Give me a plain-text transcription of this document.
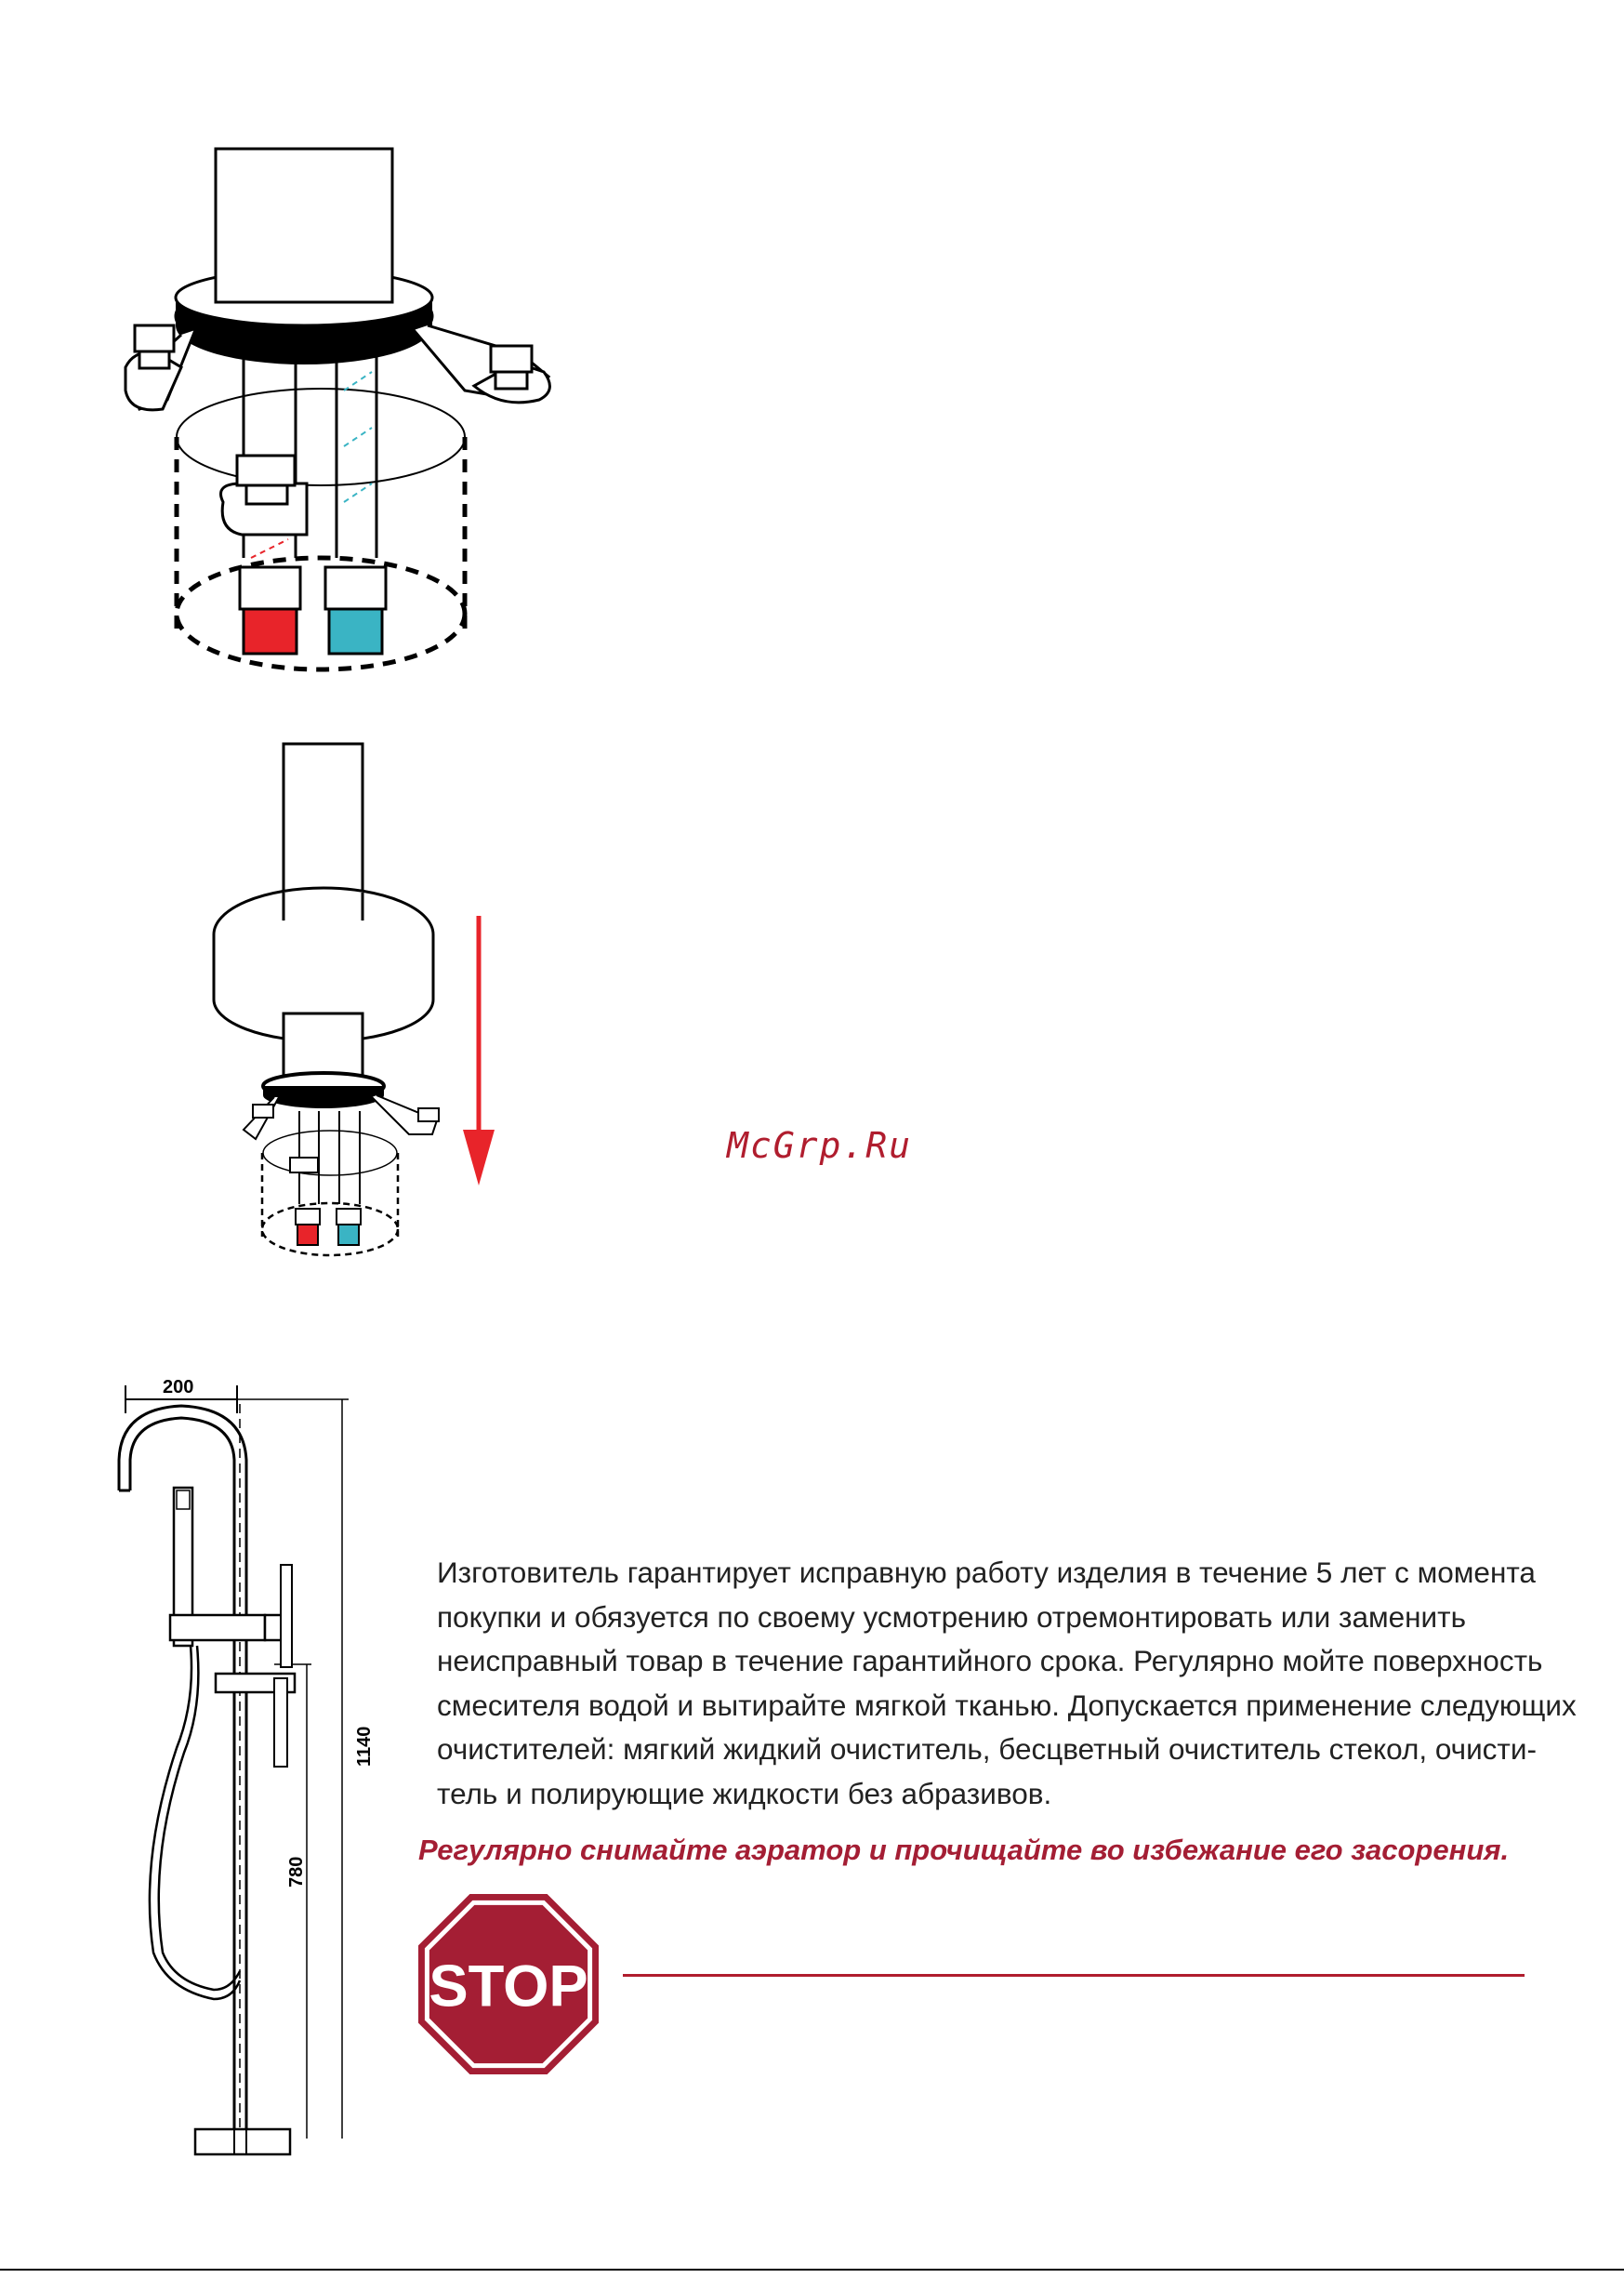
McGrp.Ru
200
1140
780

Изготовитель гарантирует исправную работу изделия в течение 5 лет с момента

покупки и обязуется по своему усмотрению отремонтировать или заменить

неисправный товар в течение гарантийного срока. Регулярно мойте поверхность

смесителя водой и вытирайте мягкой тканью. Допускается применение следующих

очистителей: мягкий жидкий очиститель, бесцветный очиститель стекол, очисти-

тель и полирующие жидкости без абразивов.

Регулярно снимайте аэратор и прочищайте во избежание его засорения.
STOP
